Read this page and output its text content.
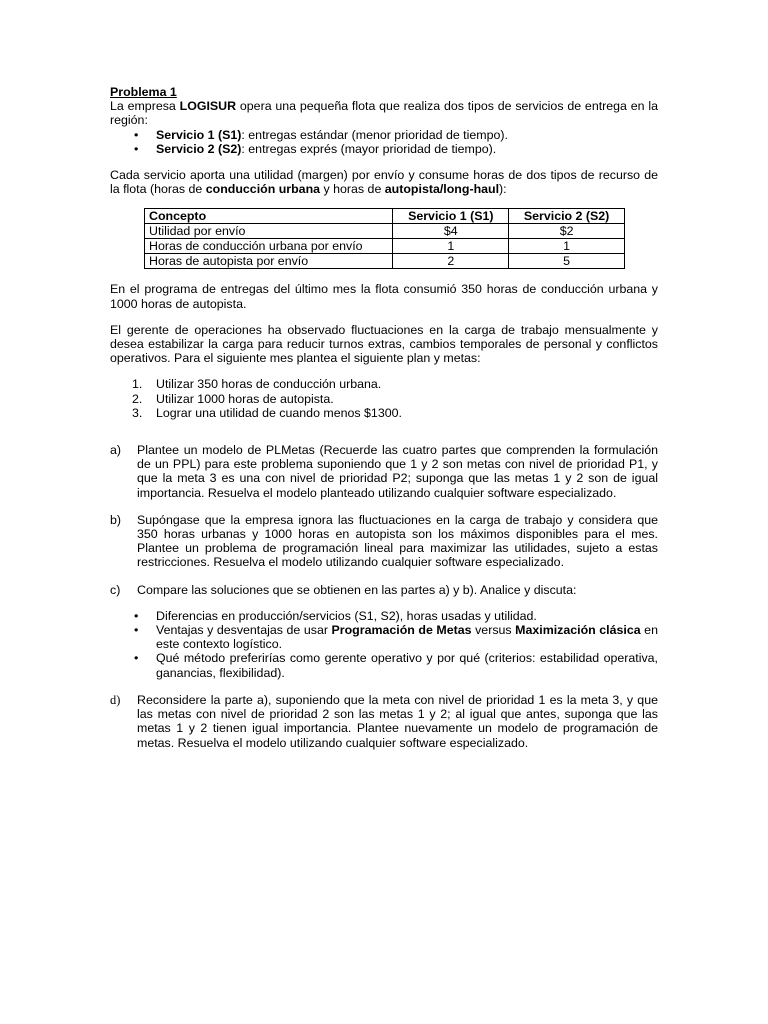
Problema 1

La empresa LOGISUR opera una pequeña flota que realiza dos tipos de servicios de entrega en la región:

• Servicio 1 (S1): entregas estándar (menor prioridad de tiempo).
• Servicio 2 (S2): entregas exprés (mayor prioridad de tiempo).

Cada servicio aporta una utilidad (margen) por envío y consume horas de dos tipos de recurso de la flota (horas de conducción urbana y horas de autopista/long-haul):

Concepto	Servicio 1 (S1)	Servicio 2 (S2)
Utilidad por envío	$4	$2
Horas de conducción urbana por envío	1	1
Horas de autopista por envío	2	5

En el programa de entregas del último mes la flota consumió 350 horas de conducción urbana y 1000 horas de autopista.

El gerente de operaciones ha observado fluctuaciones en la carga de trabajo mensualmente y desea estabilizar la carga para reducir turnos extras, cambios temporales de personal y conflictos operativos. Para el siguiente mes plantea el siguiente plan y metas:

1. Utilizar 350 horas de conducción urbana.
2. Utilizar 1000 horas de autopista.
3. Lograr una utilidad de cuando menos $1300.
a) Plantee un modelo de PLMetas (Recuerde las cuatro partes que comprenden la formulación de un PPL) para este problema suponiendo que 1 y 2 son metas con nivel de prioridad P1, y que la meta 3 es una con nivel de prioridad P2; suponga que las metas 1 y 2 son de igual importancia. Resuelva el modelo planteado utilizando cualquier software especializado.

b) Supóngase que la empresa ignora las fluctuaciones en la carga de trabajo y considera que 350 horas urbanas y 1000 horas en autopista son los máximos disponibles para el mes. Plantee un problema de programación lineal para maximizar las utilidades, sujeto a estas restricciones. Resuelva el modelo utilizando cualquier software especializado.

c) Compare las soluciones que se obtienen en las partes a) y b). Analice y discuta:

• Diferencias en producción/servicios (S1, S2), horas usadas y utilidad.
• Ventajas y desventajas de usar Programación de Metas versus Maximización clásica en este contexto logístico.
• Qué método preferirías como gerente operativo y por qué (criterios: estabilidad operativa, ganancias, flexibilidad).
d) Reconsidere la parte a), suponiendo que la meta con nivel de prioridad 1 es la meta 3, y que las metas con nivel de prioridad 2 son las metas 1 y 2; al igual que antes, suponga que las metas 1 y 2 tienen igual importancia. Plantee nuevamente un modelo de programación de metas. Resuelva el modelo utilizando cualquier software especializado.
